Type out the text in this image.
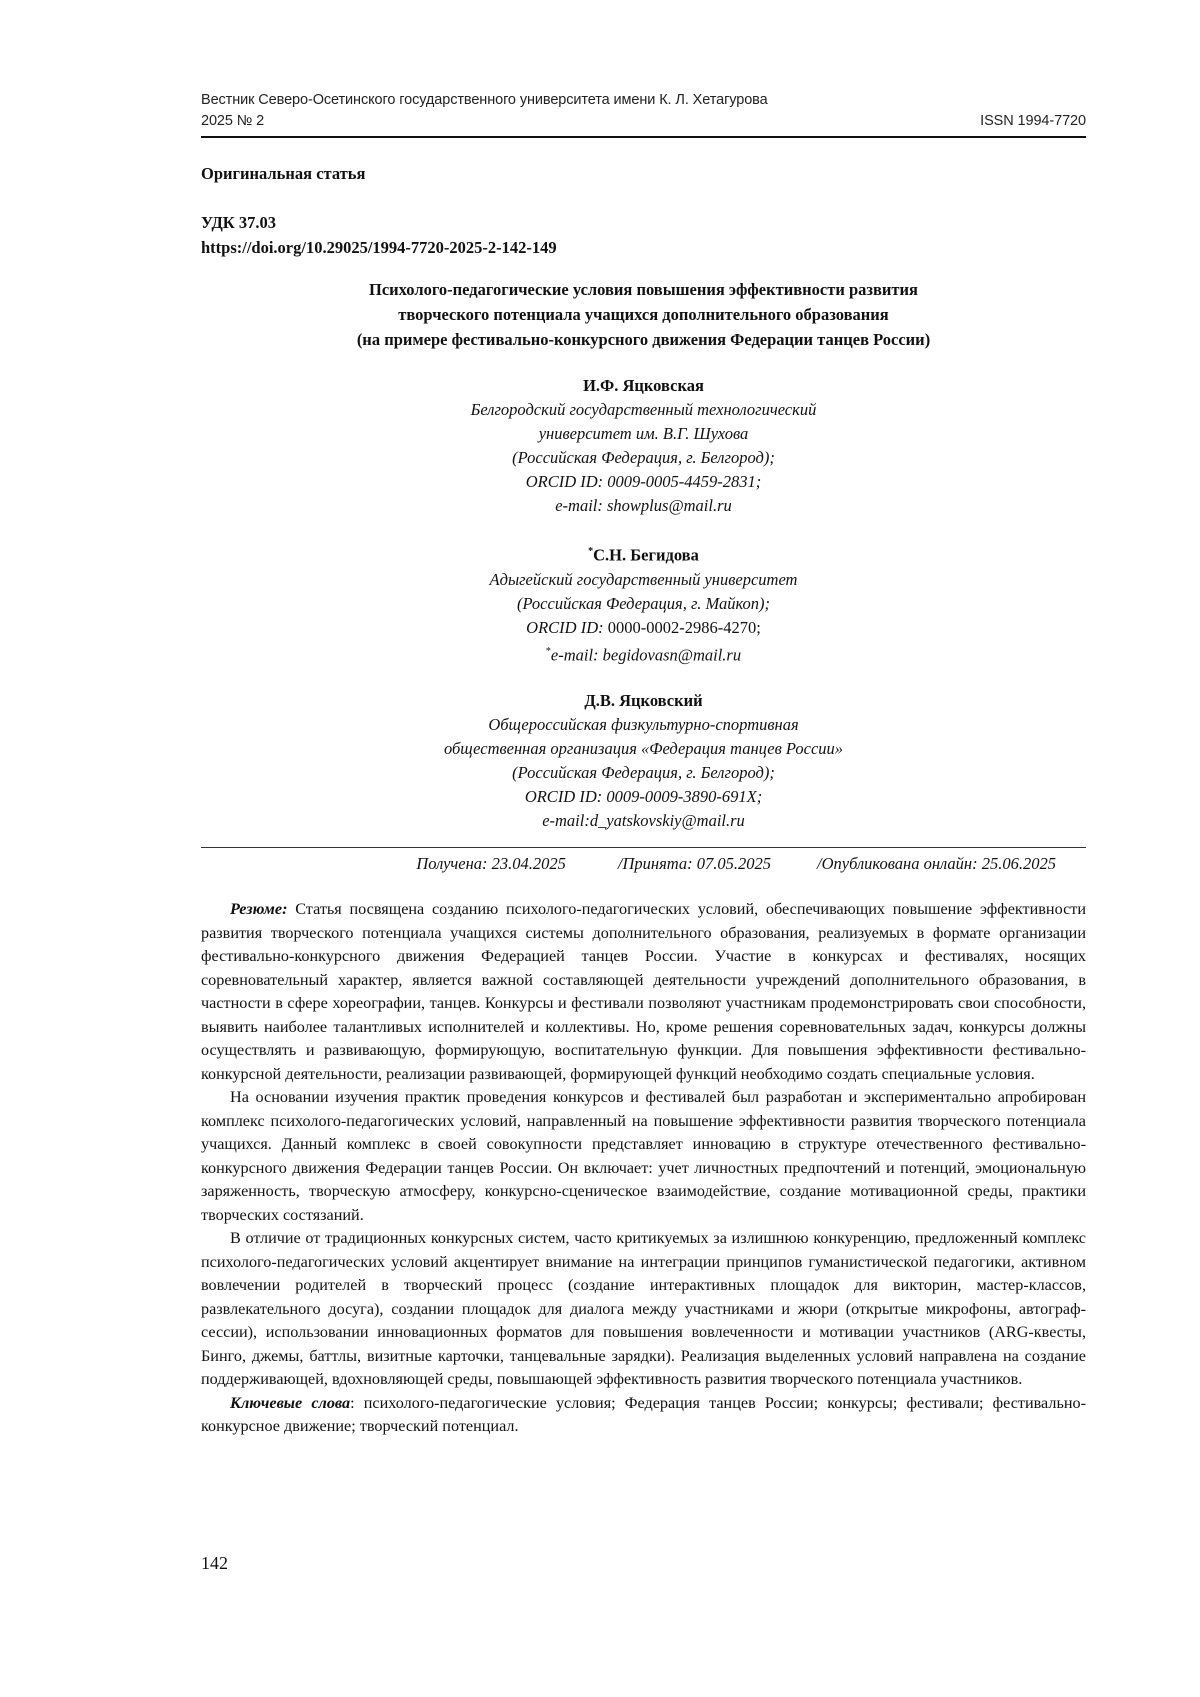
Вестник Северо-Осетинского государственного университета имени К. Л. Хетагурова
2025 № 2	ISSN 1994-7720
Оригинальная статья
УДК 37.03
https://doi.org/10.29025/1994-7720-2025-2-142-149
Психолого-педагогические условия повышения эффективности развития
творческого потенциала учащихся дополнительного образования
(на примере фестивально-конкурсного движения Федерации танцев России)
И.Ф. Яцковская
Белгородский государственный технологический
университет им. В.Г. Шухова
(Российская Федерация, г. Белгород);
ORCID ID: 0009-0005-4459-2831;
e-mail: showplus@mail.ru
*С.Н. Бегидова
Адыгейский государственный университет
(Российская Федерация, г. Майкоп);
ORCID ID: 0000-0002-2986-4270;
*e-mail: begidovasn@mail.ru
Д.В. Яцковский
Общероссийская физкультурно-спортивная
общественная организация «Федерация танцев России»
(Российская Федерация, г. Белгород);
ORCID ID: 0009-0009-3890-691X;
e-mail:d_yatskovskiy@mail.ru
Получена: 23.04.2025	/Принята: 07.05.2025	/Опубликована онлайн: 25.06.2025

Резюме: Статья посвящена созданию психолого-педагогических условий, обеспечивающих повышение эффективности развития творческого потенциала учащихся системы дополнительного образования, реализуемых в формате организации фестивально-конкурсного движения Федерацией танцев России. Участие в конкурсах и фестивалях, носящих соревновательный характер, является важной составляющей деятельности учреждений дополнительного образования, в частности в сфере хореографии, танцев. Конкурсы и фестивали позволяют участникам продемонстрировать свои способности, выявить наиболее талантливых исполнителей и коллективы. Но, кроме решения соревновательных задач, конкурсы должны осуществлять и развивающую, формирующую, воспитательную функции. Для повышения эффективности фестивально-конкурсной деятельности, реализации развивающей, формирующей функций необходимо создать специальные условия.

На основании изучения практик проведения конкурсов и фестивалей был разработан и экспериментально апробирован комплекс психолого-педагогических условий, направленный на повышение эффективности развития творческого потенциала учащихся. Данный комплекс в своей совокупности представляет инновацию в структуре отечественного фестивально-конкурсного движения Федерации танцев России. Он включает: учет личностных предпочтений и потенций, эмоциональную заряженность, творческую атмосферу, конкурсно-сценическое взаимодействие, создание мотивационной среды, практики творческих состязаний.

В отличие от традиционных конкурсных систем, часто критикуемых за излишнюю конкуренцию, предложенный комплекс психолого-педагогических условий акцентирует внимание на интеграции принципов гуманистической педагогики, активном вовлечении родителей в творческий процесс (создание интерактивных площадок для викторин, мастер-классов, развлекательного досуга), создании площадок для диалога между участниками и жюри (открытые микрофоны, автограф-сессии), использовании инновационных форматов для повышения вовлеченности и мотивации участников (ARG-квесты, Бинго, джемы, баттлы, визитные карточки, танцевальные зарядки). Реализация выделенных условий направлена на создание поддерживающей, вдохновляющей среды, повышающей эффективность развития творческого потенциала участников.

Ключевые слова: психолого-педагогические условия; Федерация танцев России; конкурсы; фестивали; фестивально-конкурсное движение; творческий потенциал.

142
